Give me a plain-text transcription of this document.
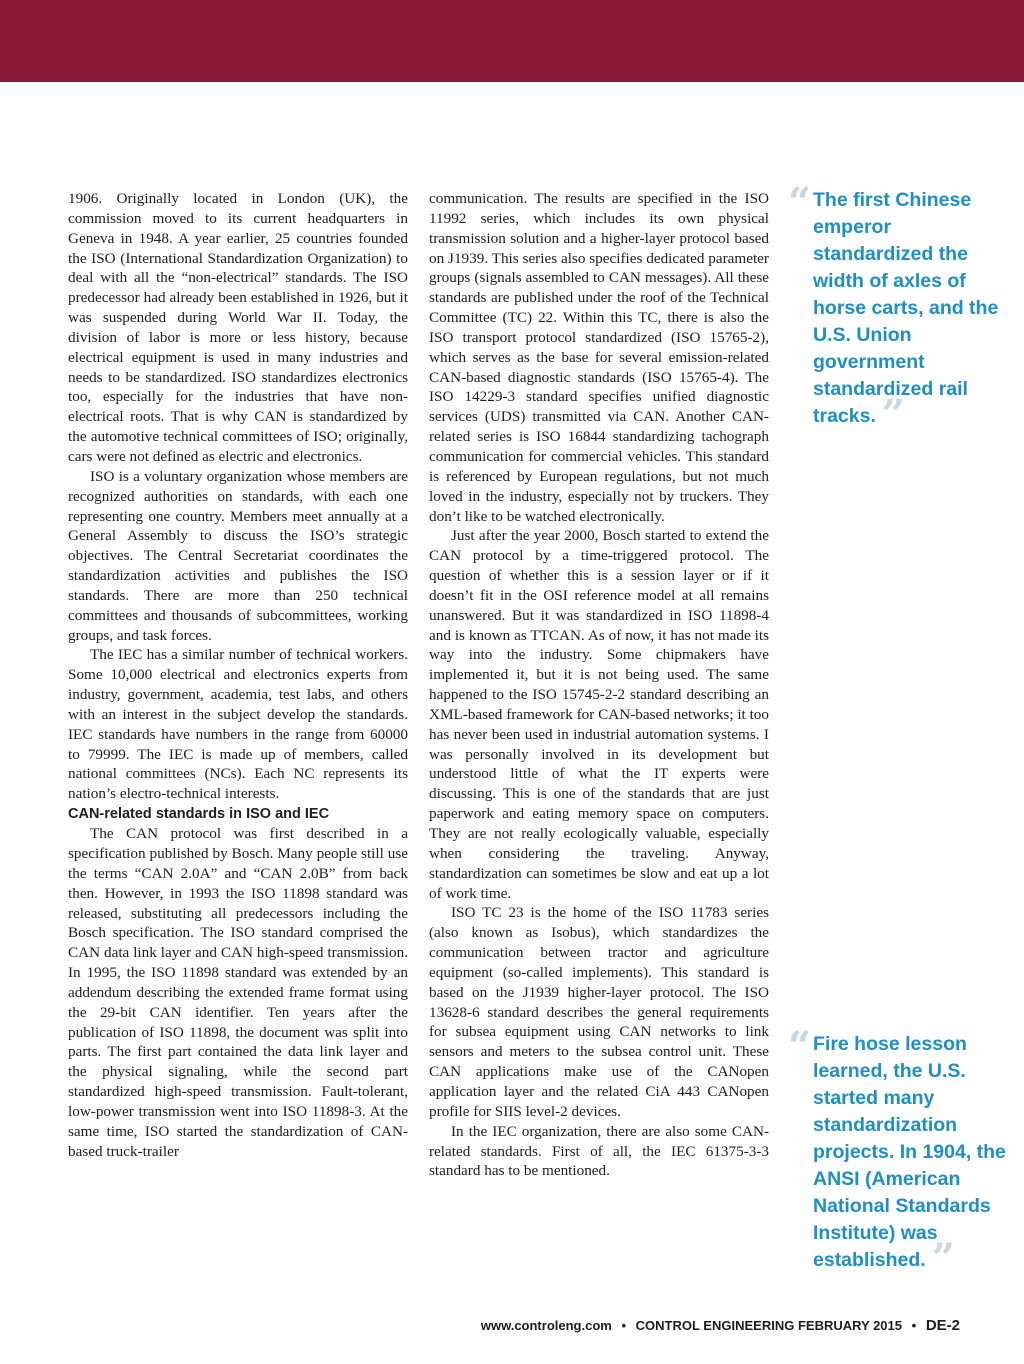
1906. Originally located in London (UK), the commission moved to its current headquarters in Geneva in 1948. A year earlier, 25 countries founded the ISO (International Standardization Organization) to deal with all the “non-electrical” standards. The ISO predecessor had already been established in 1926, but it was suspended during World War II. Today, the division of labor is more or less history, because electrical equipment is used in many industries and needs to be standardized. ISO standardizes electronics too, especially for the industries that have non-electrical roots. That is why CAN is standardized by the automotive technical committees of ISO; originally, cars were not defined as electric and electronics.

ISO is a voluntary organization whose members are recognized authorities on standards, with each one representing one country. Members meet annually at a General Assembly to discuss the ISO’s strategic objectives. The Central Secretariat coordinates the standardization activities and publishes the ISO standards. There are more than 250 technical committees and thousands of subcommittees, working groups, and task forces.

The IEC has a similar number of technical workers. Some 10,000 electrical and electronics experts from industry, government, academia, test labs, and others with an interest in the subject develop the standards. IEC standards have numbers in the range from 60000 to 79999. The IEC is made up of members, called national committees (NCs). Each NC represents its nation’s electro-technical interests.

CAN-related standards in ISO and IEC

The CAN protocol was first described in a specification published by Bosch. Many people still use the terms “CAN 2.0A” and “CAN 2.0B” from back then. However, in 1993 the ISO 11898 standard was released, substituting all predecessors including the Bosch specification. The ISO standard comprised the CAN data link layer and CAN high-speed transmission. In 1995, the ISO 11898 standard was extended by an addendum describing the extended frame format using the 29-bit CAN identifier. Ten years after the publication of ISO 11898, the document was split into parts. The first part contained the data link layer and the physical signaling, while the second part standardized high-speed transmission. Fault-tolerant, low-power transmission went into ISO 11898-3. At the same time, ISO started the standardization of CAN-based truck-trailer

communication. The results are specified in the ISO 11992 series, which includes its own physical transmission solution and a higher-layer protocol based on J1939. This series also specifies dedicated parameter groups (signals assembled to CAN messages). All these standards are published under the roof of the Technical Committee (TC) 22. Within this TC, there is also the ISO transport protocol standardized (ISO 15765-2), which serves as the base for several emission-related CAN-based diagnostic standards (ISO 15765-4). The ISO 14229-3 standard specifies unified diagnostic services (UDS) transmitted via CAN. Another CAN-related series is ISO 16844 standardizing tachograph communication for commercial vehicles. This standard is referenced by European regulations, but not much loved in the industry, especially not by truckers. They don’t like to be watched electronically.

Just after the year 2000, Bosch started to extend the CAN protocol by a time-triggered protocol. The question of whether this is a session layer or if it doesn’t fit in the OSI reference model at all remains unanswered. But it was standardized in ISO 11898-4 and is known as TTCAN. As of now, it has not made its way into the industry. Some chipmakers have implemented it, but it is not being used. The same happened to the ISO 15745-2-2 standard describing an XML-based framework for CAN-based networks; it too has never been used in industrial automation systems. I was personally involved in its development but understood little of what the IT experts were discussing. This is one of the standards that are just paperwork and eating memory space on computers. They are not really ecologically valuable, especially when considering the traveling. Anyway, standardization can sometimes be slow and eat up a lot of work time.

ISO TC 23 is the home of the ISO 11783 series (also known as Isobus), which standardizes the communication between tractor and agriculture equipment (so-called implements). This standard is based on the J1939 higher-layer protocol. The ISO 13628-6 standard describes the general requirements for subsea equipment using CAN networks to link sensors and meters to the subsea control unit. These CAN applications make use of the CANopen application layer and the related CiA 443 CANopen profile for SIIS level-2 devices.

In the IEC organization, there are also some CAN-related standards. First of all, the IEC 61375-3-3 standard has to be mentioned.

“ The first Chinese emperor standardized the width of axles of horse carts, and the U.S. Union government standardized rail tracks. ”
“ Fire hose lesson learned, the U.S. started many standardization projects. In 1904, the ANSI (American National Standards Institute) was established. ”
www.controleng.com • CONTROL ENGINEERING FEBRUARY 2015 • DE-2
